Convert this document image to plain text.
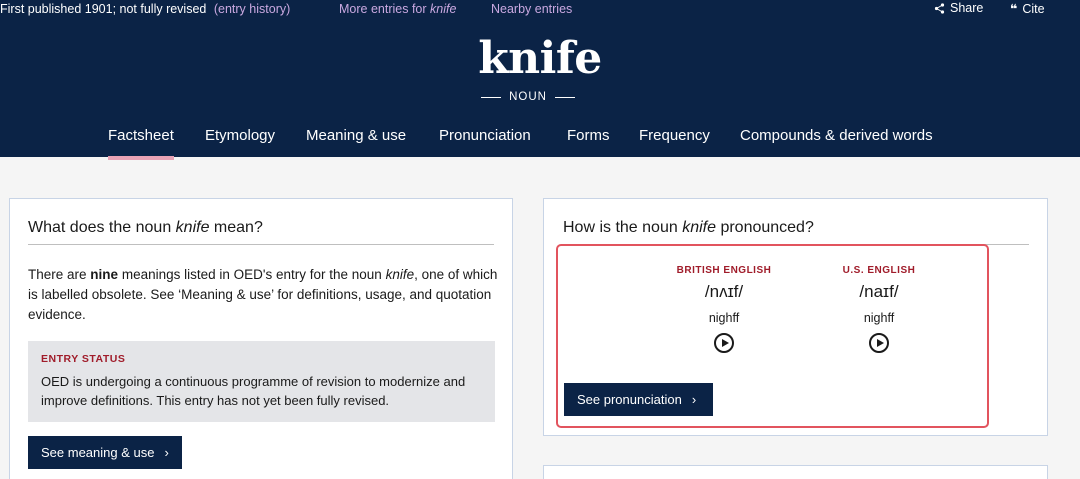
First published 1901; not fully revised (entry history)	More entries for knife	Nearby entries	Share ❝ Cite
knife
NOUN
Factsheet Etymology Meaning & use Pronunciation Forms Frequency Compounds & derived words
What does the noun knife mean?
There are nine meanings listed in OED's entry for the noun knife, one of which is labelled obsolete. See ‘Meaning & use’ for definitions, usage, and quotation evidence.
ENTRY STATUS
OED is undergoing a continuous programme of revision to modernize and improve definitions. This entry has not yet been fully revised.
See meaning & use ›
How is the noun knife pronounced?
BRITISH ENGLISH
/nʌɪf/
nighff
U.S. ENGLISH
/naɪf/
nighff
See pronunciation ›
